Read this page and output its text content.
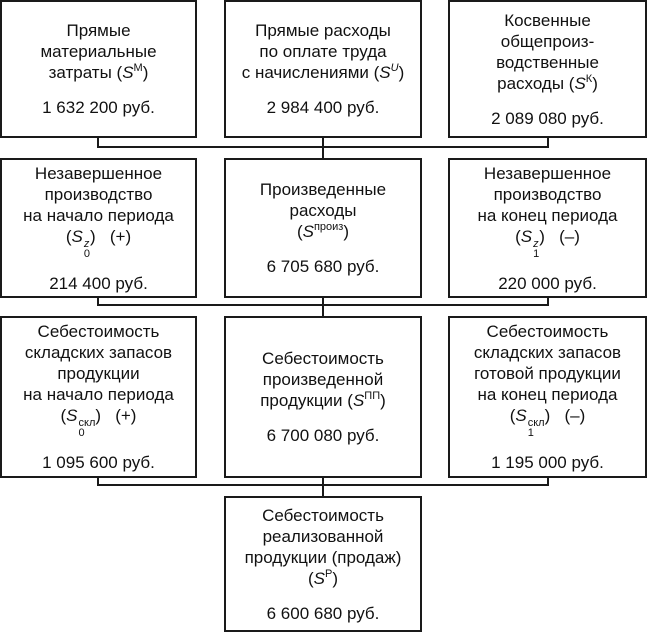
Прямые
материальные
затраты $(S^М)$
1 632 200 руб.
Прямые расходы
по оплате труда
с начислениями $(S^U)$
2 984 400 руб.
Косвенные
общепроиз-
водственные
расходы $(S^К)$
2 089 080 руб.
Незавершенное
производство
на начало периода
(S z
0
) (+)
214 400 руб.
Произведенные
расходы
$(S^{произ})$
6 705 680 руб.
Незавершенное
производство
на конец периода
(S z
1
) (–)
220 000 руб.
Себестоимость
складских запасов
продукции
на начало периода
(S скл
0
) (+)
1 095 600 руб.
Себестоимость
произведенной
продукции $(S^{ПП})$
6 700 080 руб.
Себестоимость
складских запасов
готовой продукции
на конец периода
(S скл
1
) (–)
1 195 000 руб.
Себестоимость
реализованной
продукции (продаж)
$(S^Р)$
6 600 680 руб.
